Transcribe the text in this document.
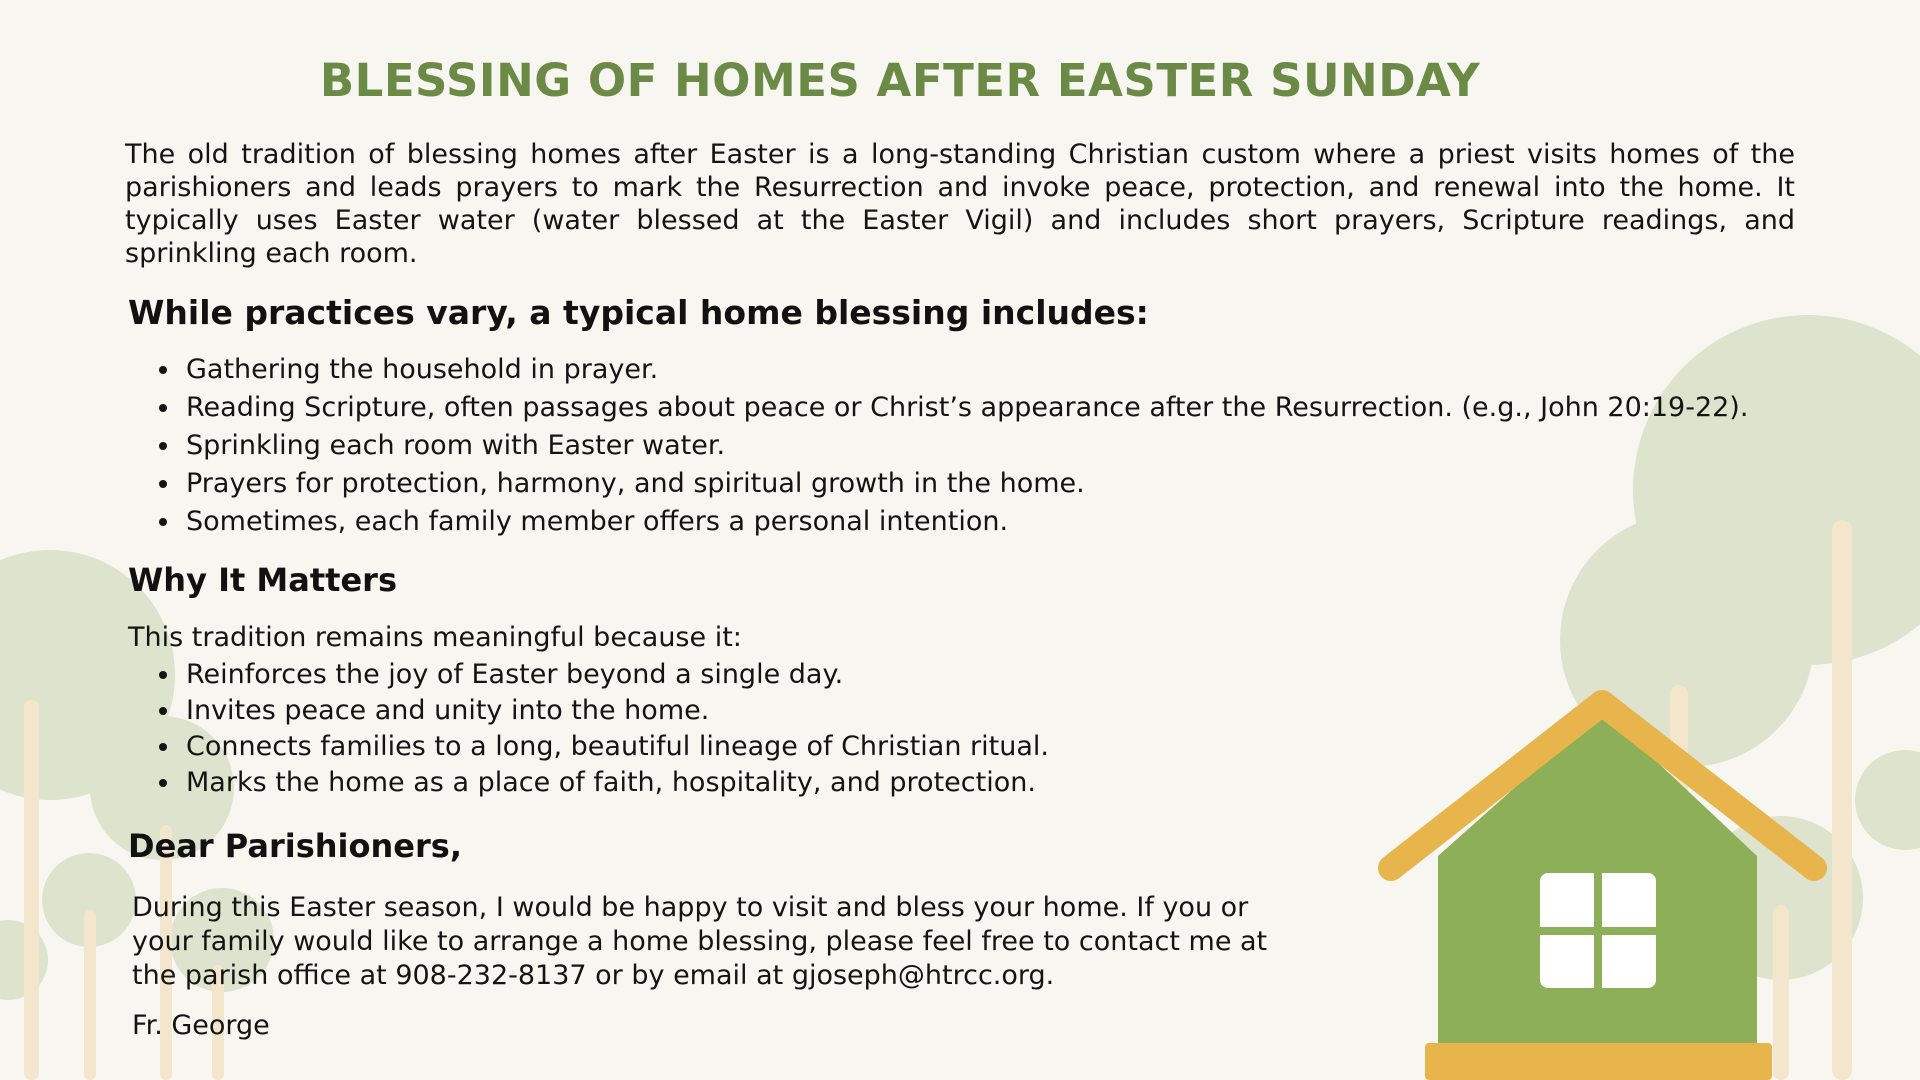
BLESSING OF HOMES AFTER EASTER SUNDAY

The old tradition of blessing homes after Easter is a long-standing Christian custom where a priest visits homes of the parishioners and leads prayers to mark the Resurrection and invoke peace, protection, and renewal into the home. It typically uses Easter water (water blessed at the Easter Vigil) and includes short prayers, Scripture readings, and sprinkling each room.

While practices vary, a typical home blessing includes:
• Gathering the household in prayer.
• Reading Scripture, often passages about peace or Christ’s appearance after the Resurrection. (e.g., John 20:19-22).
• Sprinkling each room with Easter water.
• Prayers for protection, harmony, and spiritual growth in the home.
• Sometimes, each family member offers a personal intention.
Why It Matters

This tradition remains meaningful because it:

• Reinforces the joy of Easter beyond a single day.
• Invites peace and unity into the home.
• Connects families to a long, beautiful lineage of Christian ritual.
• Marks the home as a place of faith, hospitality, and protection.
Dear Parishioners,

During this Easter season, I would be happy to visit and bless your home. If you or your family would like to arrange a home blessing, please feel free to contact me at the parish office at 908-232-8137 or by email at gjoseph@htrcc.org.

Fr. George
